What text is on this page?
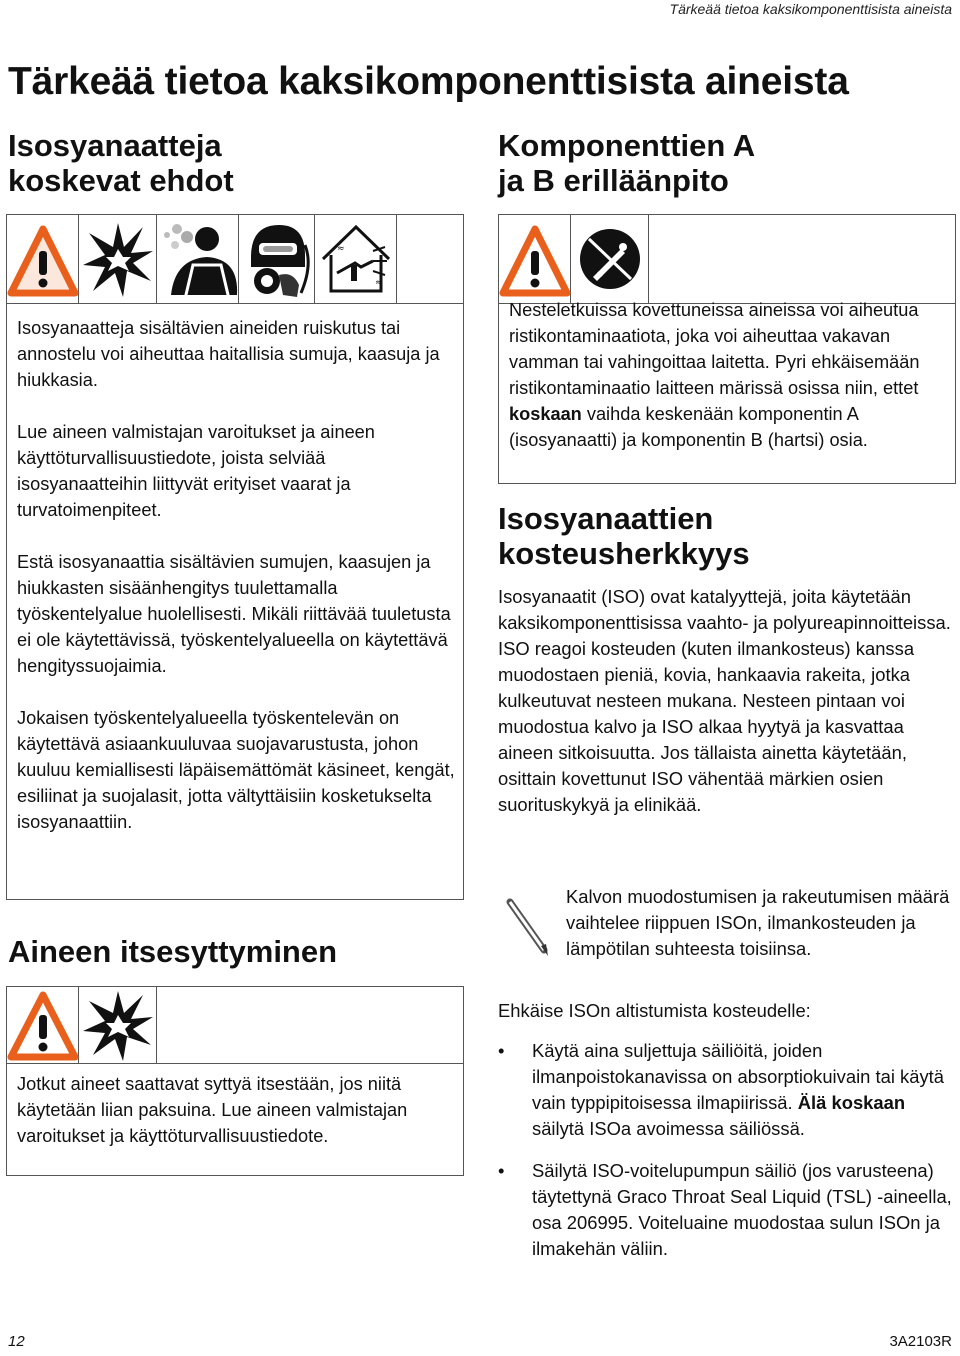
Tärkeää tietoa kaksikomponenttisista aineista
Tärkeää tietoa kaksikomponenttisista aineista
Isosyanaatteja
koskevat ehdot
≈
≈

Isosyanaatteja sisältävien aineiden ruiskutus tai annostelu voi aiheuttaa haitallisia sumuja, kaasuja ja hiukkasia.

Lue aineen valmistajan varoitukset ja aineen käyttöturvallisuustiedote, joista selviää isosyanaatteihin liittyvät erityiset vaarat ja turvatoimenpiteet.

Estä isosyanaattia sisältävien sumujen, kaasujen ja hiukkasten sisäänhengitys tuulettamalla työskentelyalue huolellisesti. Mikäli riittävää tuuletusta ei ole käytettävissä, työskentelyalueella on käytettävä hengityssuojaimia.

Jokaisen työskentelyalueella työskentelevän on käytettävä asiaankuuluvaa suojavarustusta, johon kuuluu kemiallisesti läpäisemättömät käsineet, kengät, esiliinat ja suojalasit, jotta vältyttäisiin kosketukselta isosyanaattiin.

Aineen itsesyttyminen

Jotkut aineet saattavat syttyä itsestään, jos niitä käytetään liian paksuina. Lue aineen valmistajan varoitukset ja käyttöturvallisuustiedote.

Komponenttien A
ja B erilläänpito

Nesteletkuissa kovettuneissa aineissa voi aiheutua ristikontaminaatiota, joka voi aiheuttaa vakavan vamman tai vahingoittaa laitetta. Pyri ehkäisemään ristikontaminaatio laitteen märissä osissa niin, ettet koskaan vaihda keskenään komponentin A (isosyanaatti) ja komponentin B (hartsi) osia.

Isosyanaattien
kosteusherkkyys

Isosyanaatit (ISO) ovat katalyyttejä, joita käytetään kaksikomponenttisissa vaahto- ja polyureapinnoitteissa. ISO reagoi kosteuden (kuten ilmankosteus) kanssa muodostaen pieniä, kovia, hankaavia rakeita, jotka kulkeutuvat nesteen mukana. Nesteen pintaan voi muodostua kalvo ja ISO alkaa hyytyä ja kasvattaa aineen sitkoisuutta. Jos tällaista ainetta käytetään, osittain kovettunut ISO vähentää märkien osien suorituskykyä ja elinikää.

Kalvon muodostumisen ja rakeutumisen määrä vaihtelee riippuen ISOn, ilmankosteuden ja lämpötilan suhteesta toisiinsa.

Ehkäise ISOn altistumista kosteudelle:
• Käytä aina suljettuja säiliöitä, joiden ilmanpoistokanavissa on absorptiokuivain tai käytä vain typpipitoisessa ilmapiirissä. Älä koskaan säilytä ISOa avoimessa säiliössä.
• Säilytä ISO-voitelupumpun säiliö (jos varusteena) täytettynä Graco Throat Seal Liquid (TSL) -aineella, osa 206995. Voiteluaine muodostaa sulun ISOn ja ilmakehän väliin.
12	3A2103R
